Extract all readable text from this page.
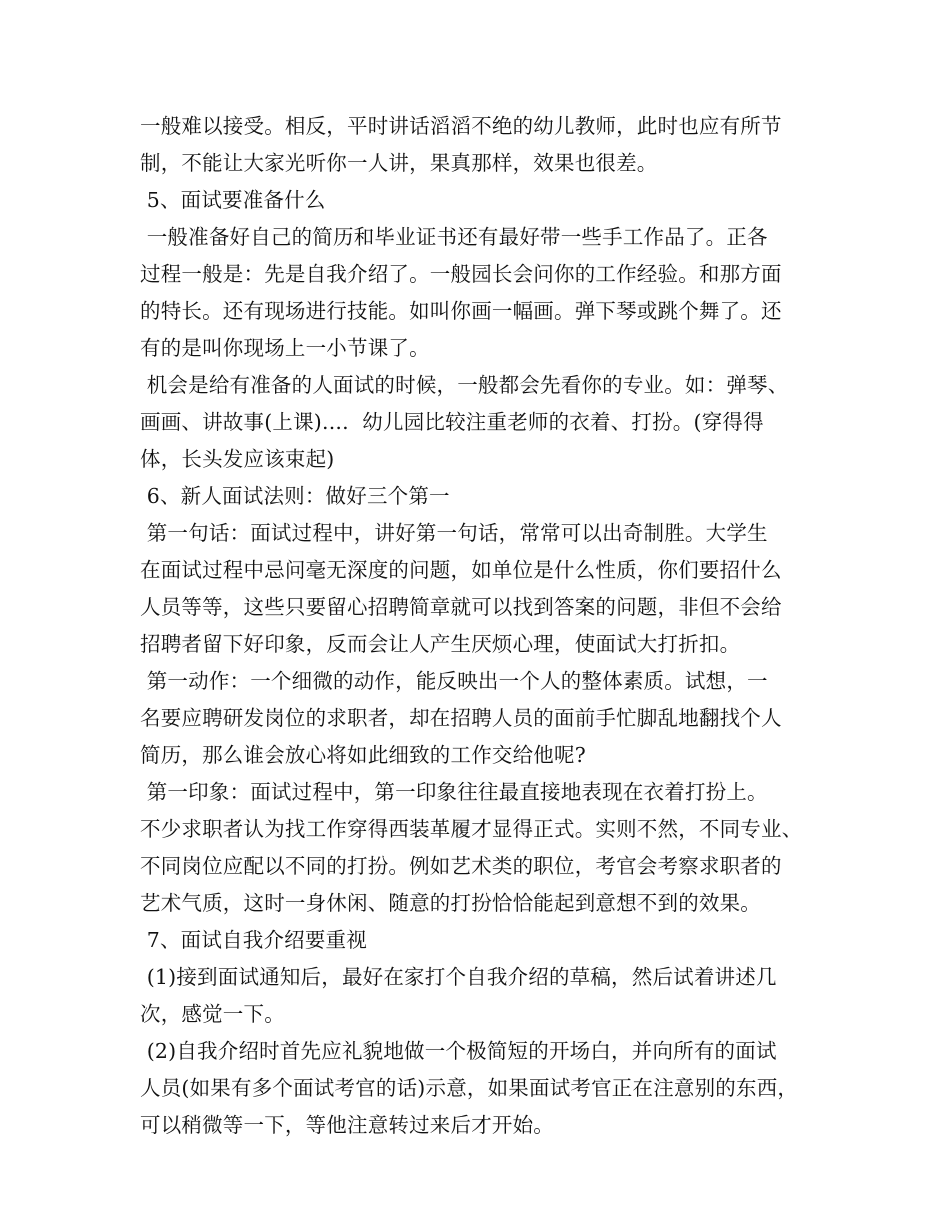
一般难以接受。相反，平时讲话滔滔不绝的幼儿教师，此时也应有所节
制，不能让大家光听你一人讲，果真那样，效果也很差。
5、面试要准备什么
一般准备好自己的简历和毕业证书还有最好带一些手工作品了。正各
过程一般是：先是自我介绍了。一般园长会问你的工作经验。和那方面
的特长。还有现场进行技能。如叫你画一幅画。弹下琴或跳个舞了。还
有的是叫你现场上一小节课了。
机会是给有准备的人面试的时候，一般都会先看你的专业。如：弹琴、
画画、讲故事(上课)....  幼儿园比较注重老师的衣着、打扮。(穿得得
体，长头发应该束起)
6、新人面试法则：做好三个第一
第一句话：面试过程中，讲好第一句话，常常可以出奇制胜。大学生
在面试过程中忌问毫无深度的问题，如单位是什么性质，你们要招什么
人员等等，这些只要留心招聘简章就可以找到答案的问题，非但不会给
招聘者留下好印象，反而会让人产生厌烦心理，使面试大打折扣。
第一动作：一个细微的动作，能反映出一个人的整体素质。试想，一
名要应聘研发岗位的求职者，却在招聘人员的面前手忙脚乱地翻找个人
简历，那么谁会放心将如此细致的工作交给他呢?
第一印象：面试过程中，第一印象往往最直接地表现在衣着打扮上。
不少求职者认为找工作穿得西装革履才显得正式。实则不然，不同专业、
不同岗位应配以不同的打扮。例如艺术类的职位，考官会考察求职者的
艺术气质，这时一身休闲、随意的打扮恰恰能起到意想不到的效果。
7、面试自我介绍要重视
(1)接到面试通知后，最好在家打个自我介绍的草稿，然后试着讲述几
次，感觉一下。
(2)自我介绍时首先应礼貌地做一个极简短的开场白，并向所有的面试
人员(如果有多个面试考官的话)示意，如果面试考官正在注意别的东西，
可以稍微等一下，等他注意转过来后才开始。
